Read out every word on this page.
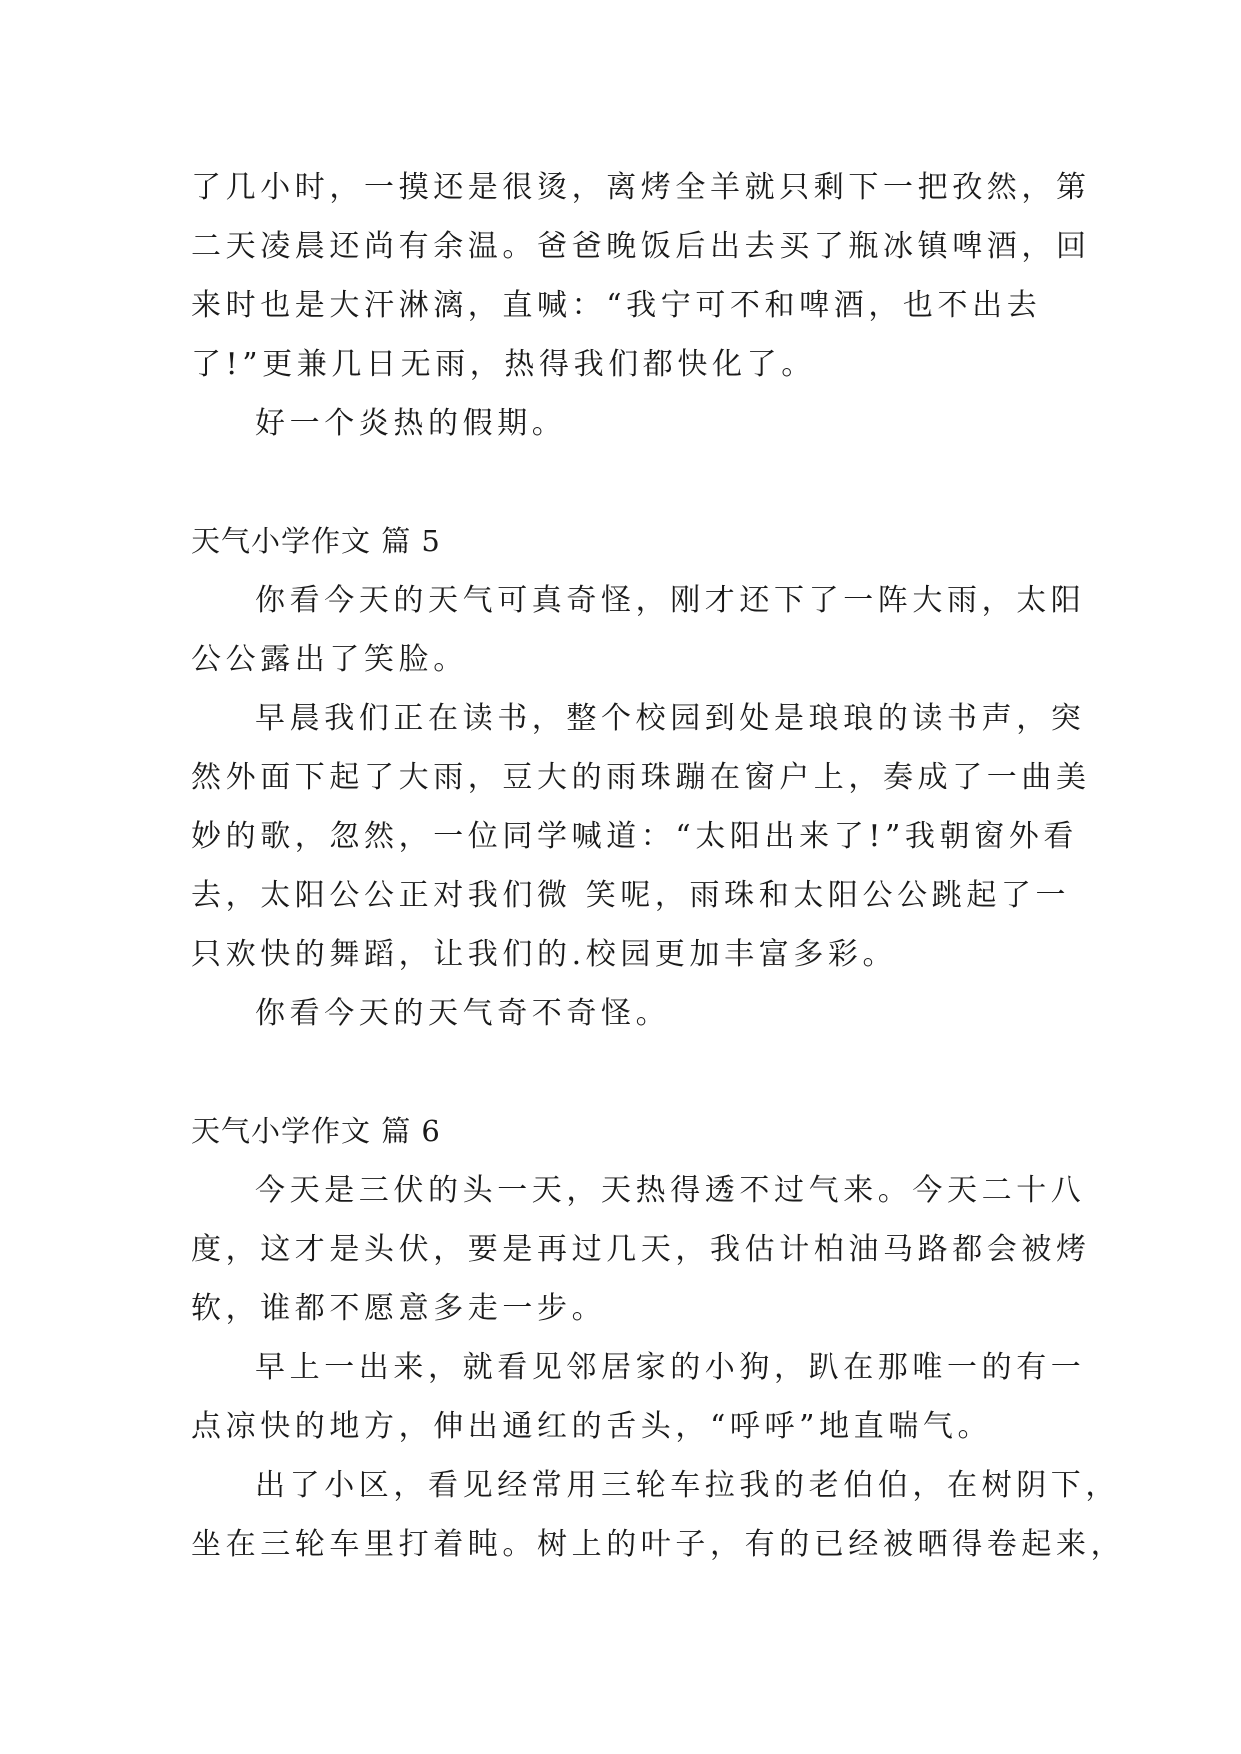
了几小时，一摸还是很烫，离烤全羊就只剩下一把孜然，第
二天凌晨还尚有余温。爸爸晚饭后出去买了瓶冰镇啤酒，回
来时也是大汗淋漓，直喊：“我宁可不和啤酒，也不出去
了!”更兼几日无雨，热得我们都快化了。
好一个炎热的假期。
天气小学作文 篇 5
你看今天的天气可真奇怪，刚才还下了一阵大雨，太阳
公公露出了笑脸。
早晨我们正在读书，整个校园到处是琅琅的读书声，突
然外面下起了大雨，豆大的雨珠蹦在窗户上，奏成了一曲美
妙的歌，忽然，一位同学喊道：“太阳出来了!”我朝窗外看
去，太阳公公正对我们微 笑呢，雨珠和太阳公公跳起了一
只欢快的舞蹈，让我们的.校园更加丰富多彩。
你看今天的天气奇不奇怪。
天气小学作文 篇 6
今天是三伏的头一天，天热得透不过气来。今天二十八
度，这才是头伏，要是再过几天，我估计柏油马路都会被烤
软，谁都不愿意多走一步。
早上一出来，就看见邻居家的小狗，趴在那唯一的有一
点凉快的地方，伸出通红的舌头，“呼呼”地直喘气。
出了小区，看见经常用三轮车拉我的老伯伯，在树阴下，
坐在三轮车里打着盹。树上的叶子，有的已经被晒得卷起来，
